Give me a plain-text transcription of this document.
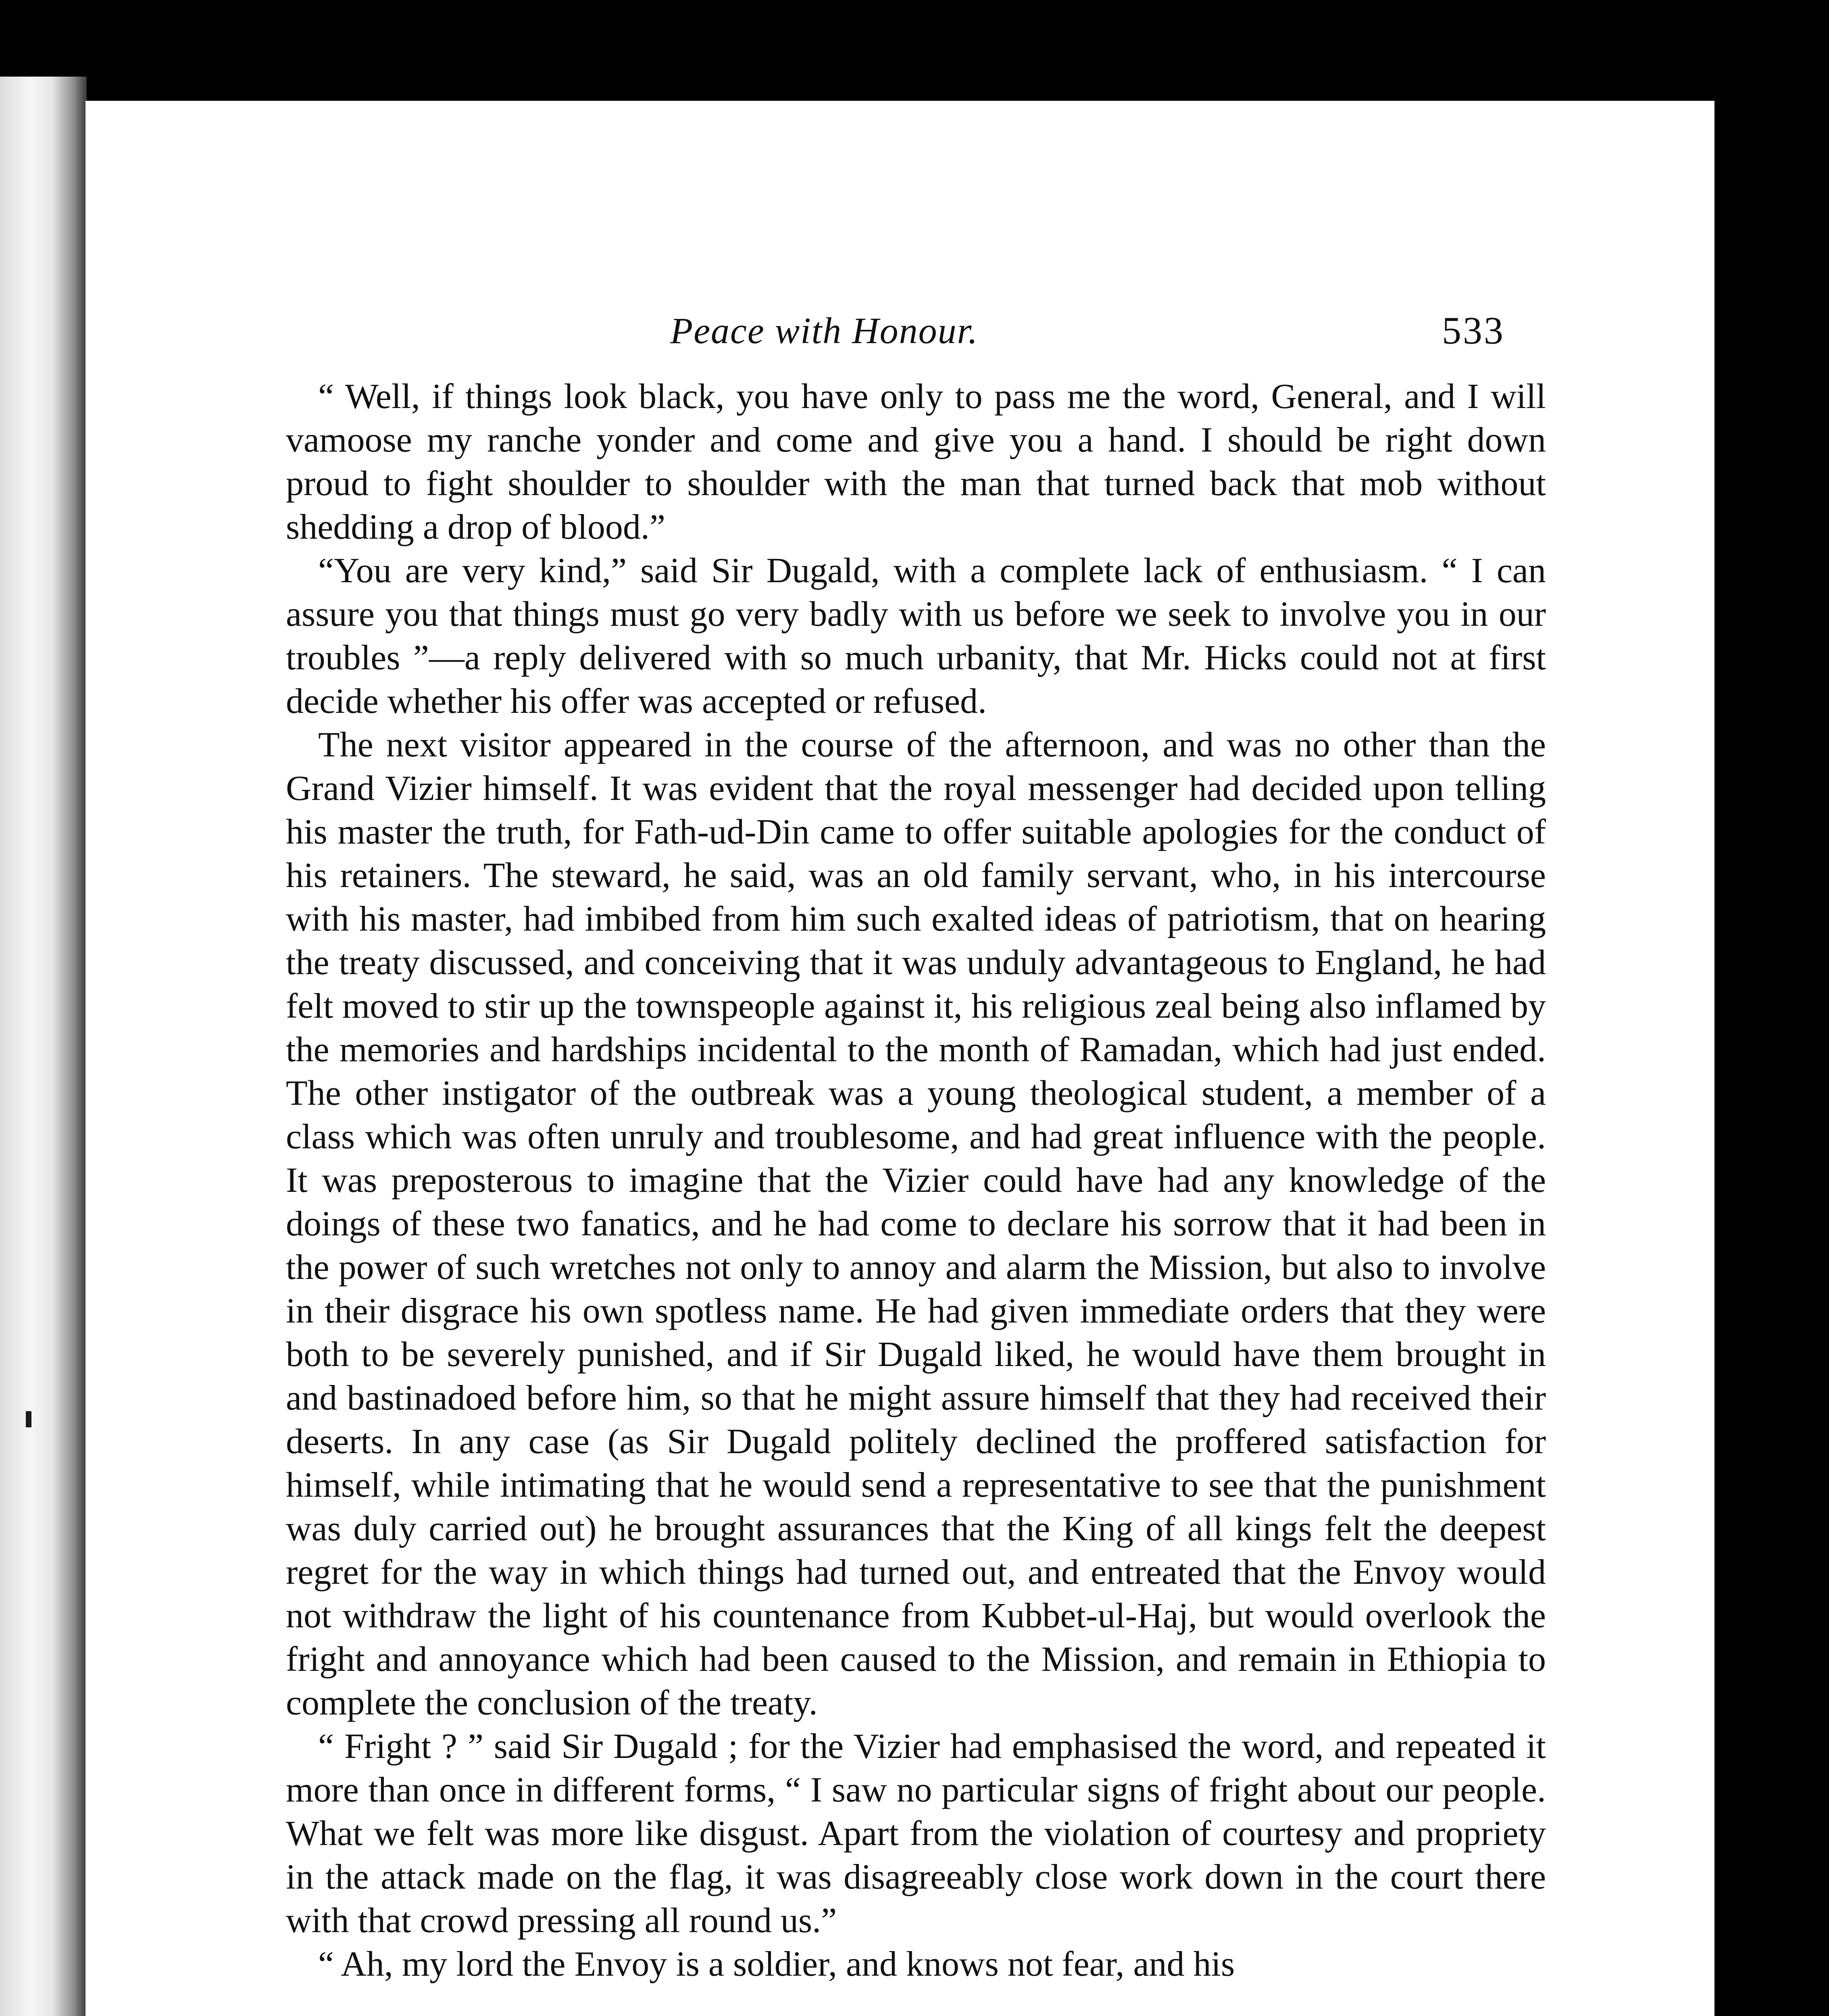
Peace with Honour.	533

“ Well, if things look black, you have only to pass me the word, General, and I will vamoose my ranche yonder and come and give you a hand. I should be right down proud to fight shoulder to shoulder with the man that turned back that mob without shedding a drop of blood.”

“You are very kind,” said Sir Dugald, with a complete lack of enthusiasm. “ I can assure you that things must go very badly with us before we seek to involve you in our troubles ”—a reply delivered with so much urbanity, that Mr. Hicks could not at first decide whether his offer was accepted or refused.

The next visitor appeared in the course of the afternoon, and was no other than the Grand Vizier himself. It was evident that the royal messenger had decided upon telling his master the truth, for Fath-ud-Din came to offer suitable apologies for the conduct of his retainers. The steward, he said, was an old family servant, who, in his intercourse with his master, had imbibed from him such exalted ideas of patriotism, that on hearing the treaty discussed, and conceiving that it was unduly advantageous to England, he had felt moved to stir up the townspeople against it, his religious zeal being also inflamed by the memories and hardships incidental to the month of Ramadan, which had just ended. The other instigator of the outbreak was a young theological student, a member of a class which was often unruly and troublesome, and had great influence with the people. It was preposterous to imagine that the Vizier could have had any knowledge of the doings of these two fanatics, and he had come to declare his sorrow that it had been in the power of such wretches not only to annoy and alarm the Mission, but also to involve in their disgrace his own spotless name. He had given immediate orders that they were both to be severely punished, and if Sir Dugald liked, he would have them brought in and bastinadoed before him, so that he might assure himself that they had received their deserts. In any case (as Sir Dugald politely declined the proffered satisfaction for himself, while intimating that he would send a representative to see that the punishment was duly carried out) he brought assurances that the King of all kings felt the deepest regret for the way in which things had turned out, and entreated that the Envoy would not withdraw the light of his countenance from Kubbet-ul-Haj, but would overlook the fright and annoyance which had been caused to the Mission, and remain in Ethiopia to complete the conclusion of the treaty.

“ Fright ? ” said Sir Dugald ; for the Vizier had emphasised the word, and repeated it more than once in different forms, “ I saw no particular signs of fright about our people. What we felt was more like disgust. Apart from the violation of courtesy and propriety in the attack made on the flag, it was disagreeably close work down in the court there with that crowd pressing all round us.”

“ Ah, my lord the Envoy is a soldier, and knows not fear, and his
